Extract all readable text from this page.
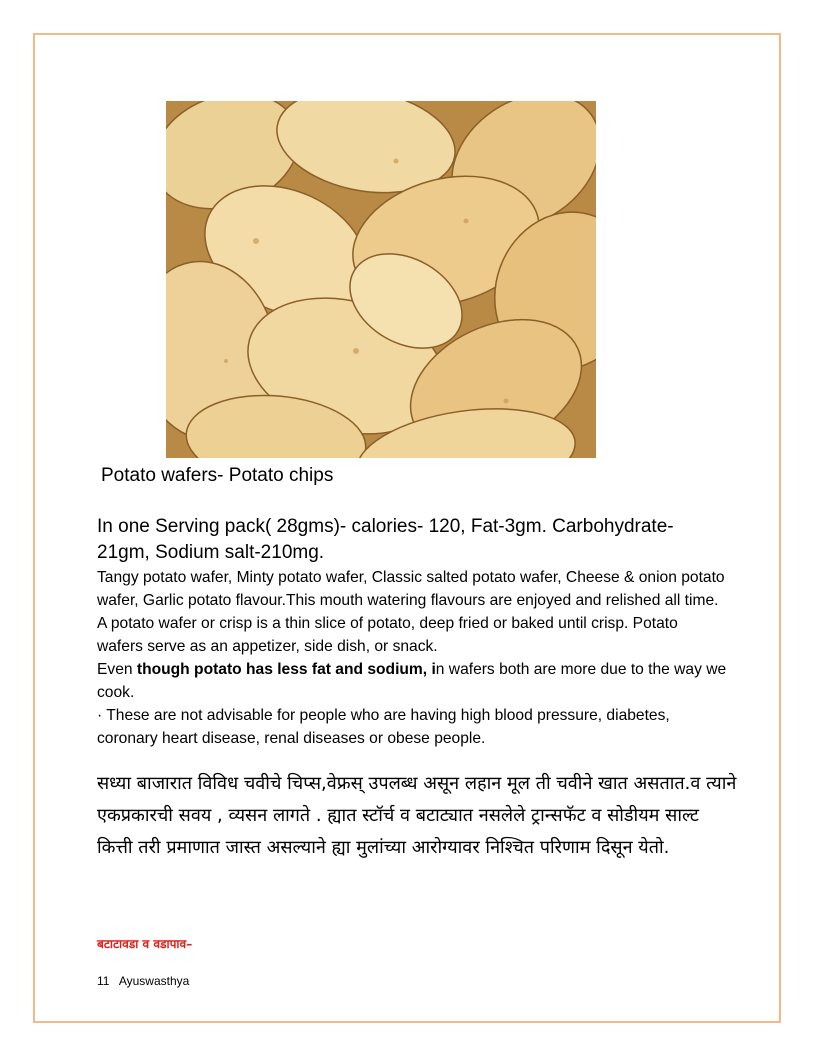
Potato wafers- Potato chips
In one Serving pack( 28gms)- calories- 120, Fat-3gm. Carbohydrate- 21gm, Sodium salt-210mg.

Tangy potato wafer, Minty potato wafer, Classic salted potato wafer, Cheese & onion potato wafer, Garlic potato flavour.This mouth watering flavours are enjoyed and relished all time. A potato wafer or crisp is a thin slice of potato, deep fried or baked until crisp. Potato wafers serve as an appetizer, side dish, or snack.

Even though potato has less fat and sodium, in wafers both are more due to the way we cook.

· These are not advisable for people who are having high blood pressure, diabetes, coronary heart disease, renal diseases or obese people.

सध्या बाजारात विविध चवीचे चिप्स,वेफ्रस् उपलब्ध असून लहान मूल ती चवीने खात असतात.व त्याने एकप्रकारची सवय , व्यसन लागते . ह्यात स्टॉर्च व बटाट्यात नसलेले ट्रान्सफॅट व सोडीयम साल्ट कित्ती तरी प्रमाणात जास्त असल्याने ह्या मुलांच्या आरोग्यावर निश्चित परिणाम दिसून येतो.
बटाटावडा व वडापाव–
11 Ayuswasthya
